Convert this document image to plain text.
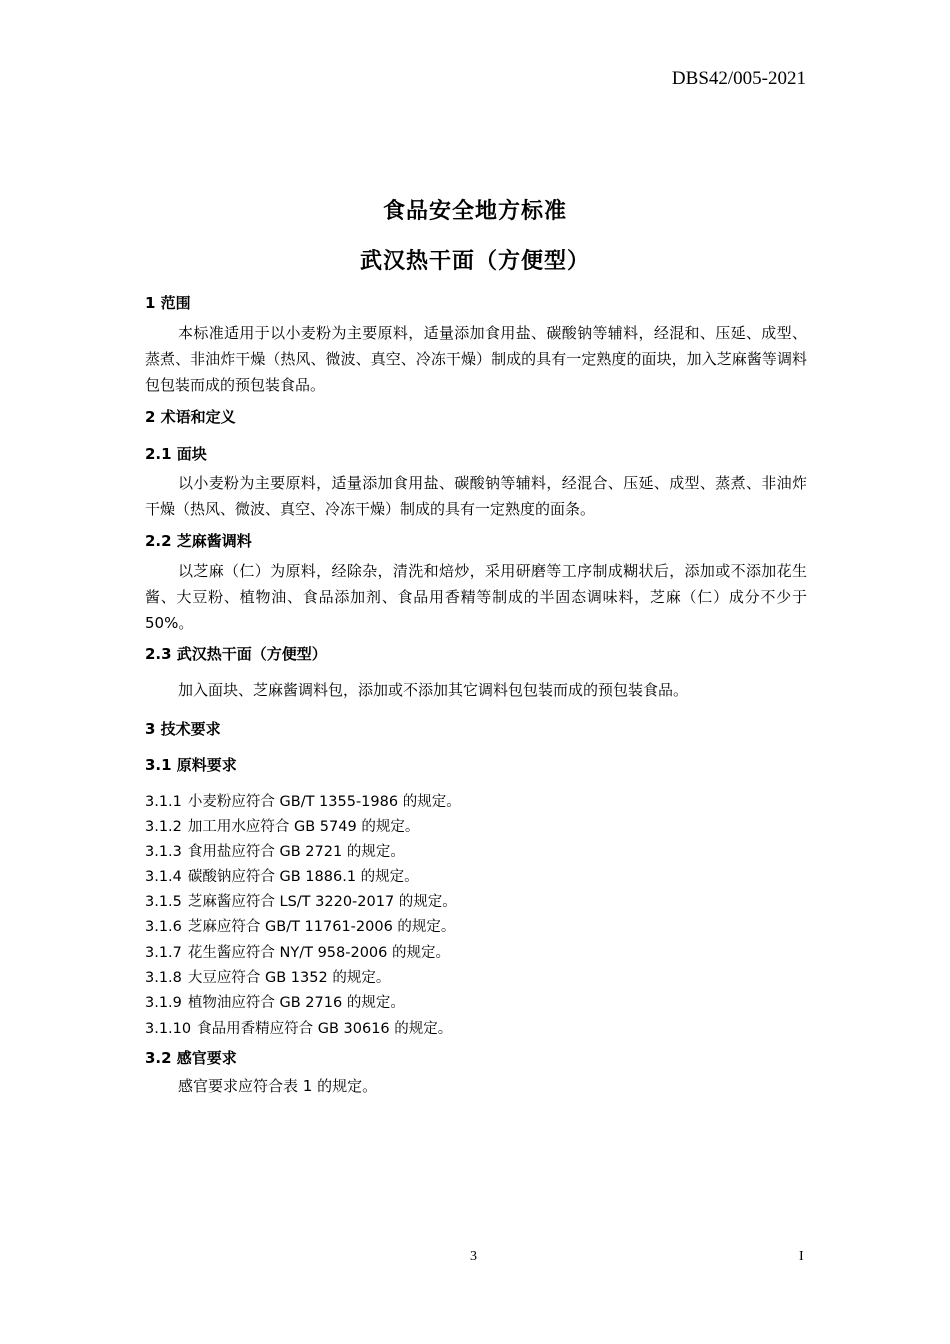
DBS42/005-2021
食品安全地方标准
武汉热干面（方便型）
1 范围

本标准适用于以小麦粉为主要原料，适量添加食用盐、碳酸钠等辅料，经混和、压延、成型、蒸煮、非油炸干燥（热风、微波、真空、冷冻干燥）制成的具有一定熟度的面块，加入芝麻酱等调料包包装而成的预包装食品。

2 术语和定义
2.1 面块

以小麦粉为主要原料，适量添加食用盐、碳酸钠等辅料，经混合、压延、成型、蒸煮、非油炸干燥（热风、微波、真空、冷冻干燥）制成的具有一定熟度的面条。

2.2 芝麻酱调料

以芝麻（仁）为原料，经除杂，清洗和焙炒，采用研磨等工序制成糊状后，添加或不添加花生酱、大豆粉、植物油、食品添加剂、食品用香精等制成的半固态调味料，芝麻（仁）成分不少于 50%。

2.3 武汉热干面（方便型）

加入面块、芝麻酱调料包，添加或不添加其它调料包包装而成的预包装食品。

3 技术要求
3.1 原料要求
3.1.1 小麦粉应符合 GB/T 1355-1986 的规定。
3.1.2 加工用水应符合 GB 5749 的规定。
3.1.3 食用盐应符合 GB 2721 的规定。
3.1.4 碳酸钠应符合 GB 1886.1 的规定。
3.1.5 芝麻酱应符合 LS/T 3220-2017 的规定。
3.1.6 芝麻应符合 GB/T 11761-2006 的规定。
3.1.7 花生酱应符合 NY/T 958-2006 的规定。
3.1.8 大豆应符合 GB 1352 的规定。
3.1.9 植物油应符合 GB 2716 的规定。
3.1.10 食品用香精应符合 GB 30616 的规定。
3.2 感官要求

感官要求应符合表 1 的规定。

3	I
